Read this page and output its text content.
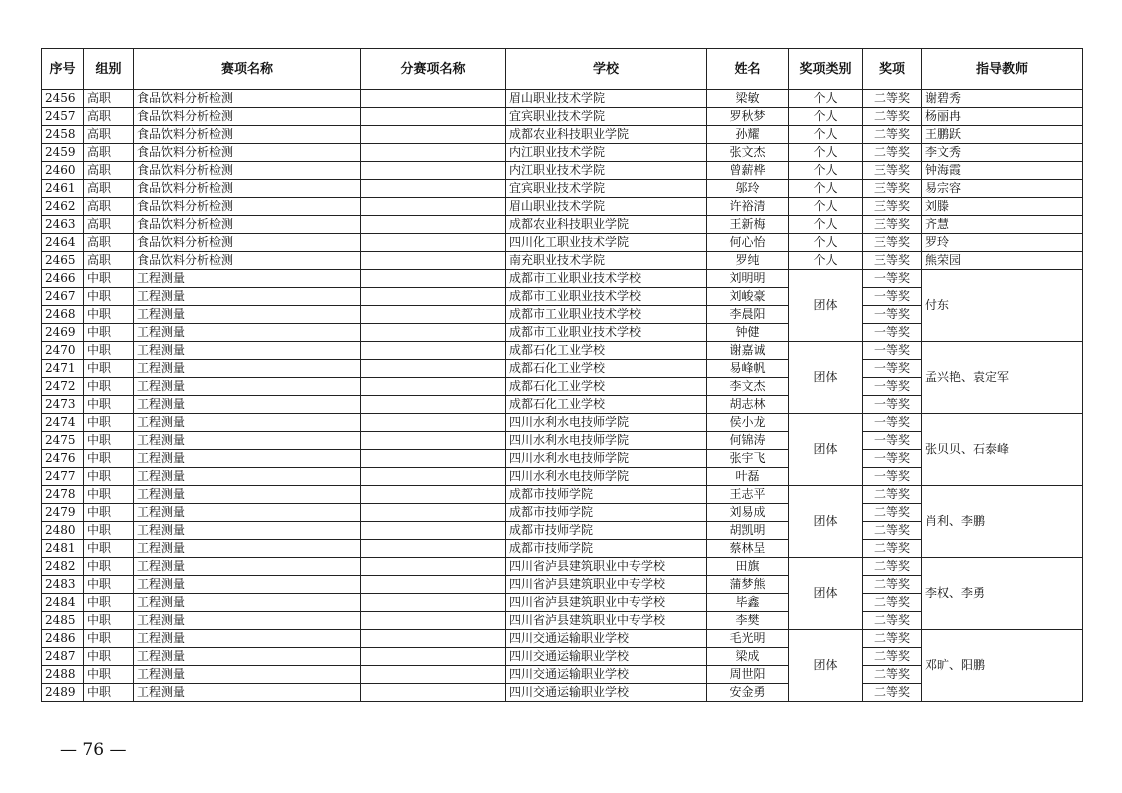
序号	组别	赛项名称	分赛项名称	学校	姓名	奖项类别	奖项	指导教师
2456	高职	食品饮料分析检测		眉山职业技术学院	梁敏	个人	二等奖	谢碧秀
2457	高职	食品饮料分析检测		宜宾职业技术学院	罗秋梦	个人	二等奖	杨丽冉
2458	高职	食品饮料分析检测		成都农业科技职业学院	孙耀	个人	二等奖	王鹏跃
2459	高职	食品饮料分析检测		内江职业技术学院	张文杰	个人	二等奖	李文秀
2460	高职	食品饮料分析检测		内江职业技术学院	曾薪桦	个人	三等奖	钟海霞
2461	高职	食品饮料分析检测		宜宾职业技术学院	邬玲	个人	三等奖	易宗容
2462	高职	食品饮料分析检测		眉山职业技术学院	许裕清	个人	三等奖	刘滕
2463	高职	食品饮料分析检测		成都农业科技职业学院	王新梅	个人	三等奖	齐慧
2464	高职	食品饮料分析检测		四川化工职业技术学院	何心怡	个人	三等奖	罗玲
2465	高职	食品饮料分析检测		南充职业技术学院	罗纯	个人	三等奖	熊荣园
2466	中职	工程测量		成都市工业职业技术学校	刘明明	团体	一等奖	付东
2467	中职	工程测量		成都市工业职业技术学校	刘峻豪		一等奖	
2468	中职	工程测量		成都市工业职业技术学校	李晨阳		一等奖	
2469	中职	工程测量		成都市工业职业技术学校	钟健		一等奖	
2470	中职	工程测量		成都石化工业学校	谢嘉诚	团体	一等奖	孟兴艳、袁定军
2471	中职	工程测量		成都石化工业学校	易峰帆		一等奖	
2472	中职	工程测量		成都石化工业学校	李文杰		一等奖	
2473	中职	工程测量		成都石化工业学校	胡志林		一等奖	
2474	中职	工程测量		四川水利水电技师学院	侯小龙	团体	一等奖	张贝贝、石泰峰
2475	中职	工程测量		四川水利水电技师学院	何锦涛		一等奖	
2476	中职	工程测量		四川水利水电技师学院	张宇飞		一等奖	
2477	中职	工程测量		四川水利水电技师学院	叶磊		一等奖	
2478	中职	工程测量		成都市技师学院	王志平	团体	二等奖	肖利、李鹏
2479	中职	工程测量		成都市技师学院	刘易成		二等奖	
2480	中职	工程测量		成都市技师学院	胡凯明		二等奖	
2481	中职	工程测量		成都市技师学院	蔡林呈		二等奖	
2482	中职	工程测量		四川省泸县建筑职业中专学校	田旗	团体	二等奖	李权、李勇
2483	中职	工程测量		四川省泸县建筑职业中专学校	蒲梦熊		二等奖	
2484	中职	工程测量		四川省泸县建筑职业中专学校	毕鑫		二等奖	
2485	中职	工程测量		四川省泸县建筑职业中专学校	李樊		二等奖	
2486	中职	工程测量		四川交通运输职业学校	毛光明	团体	二等奖	邓旷、阳鹏
2487	中职	工程测量		四川交通运输职业学校	梁成		二等奖	
2488	中职	工程测量		四川交通运输职业学校	周世阳		二等奖	
2489	中职	工程测量		四川交通运输职业学校	安金勇		二等奖	
— 76 —
